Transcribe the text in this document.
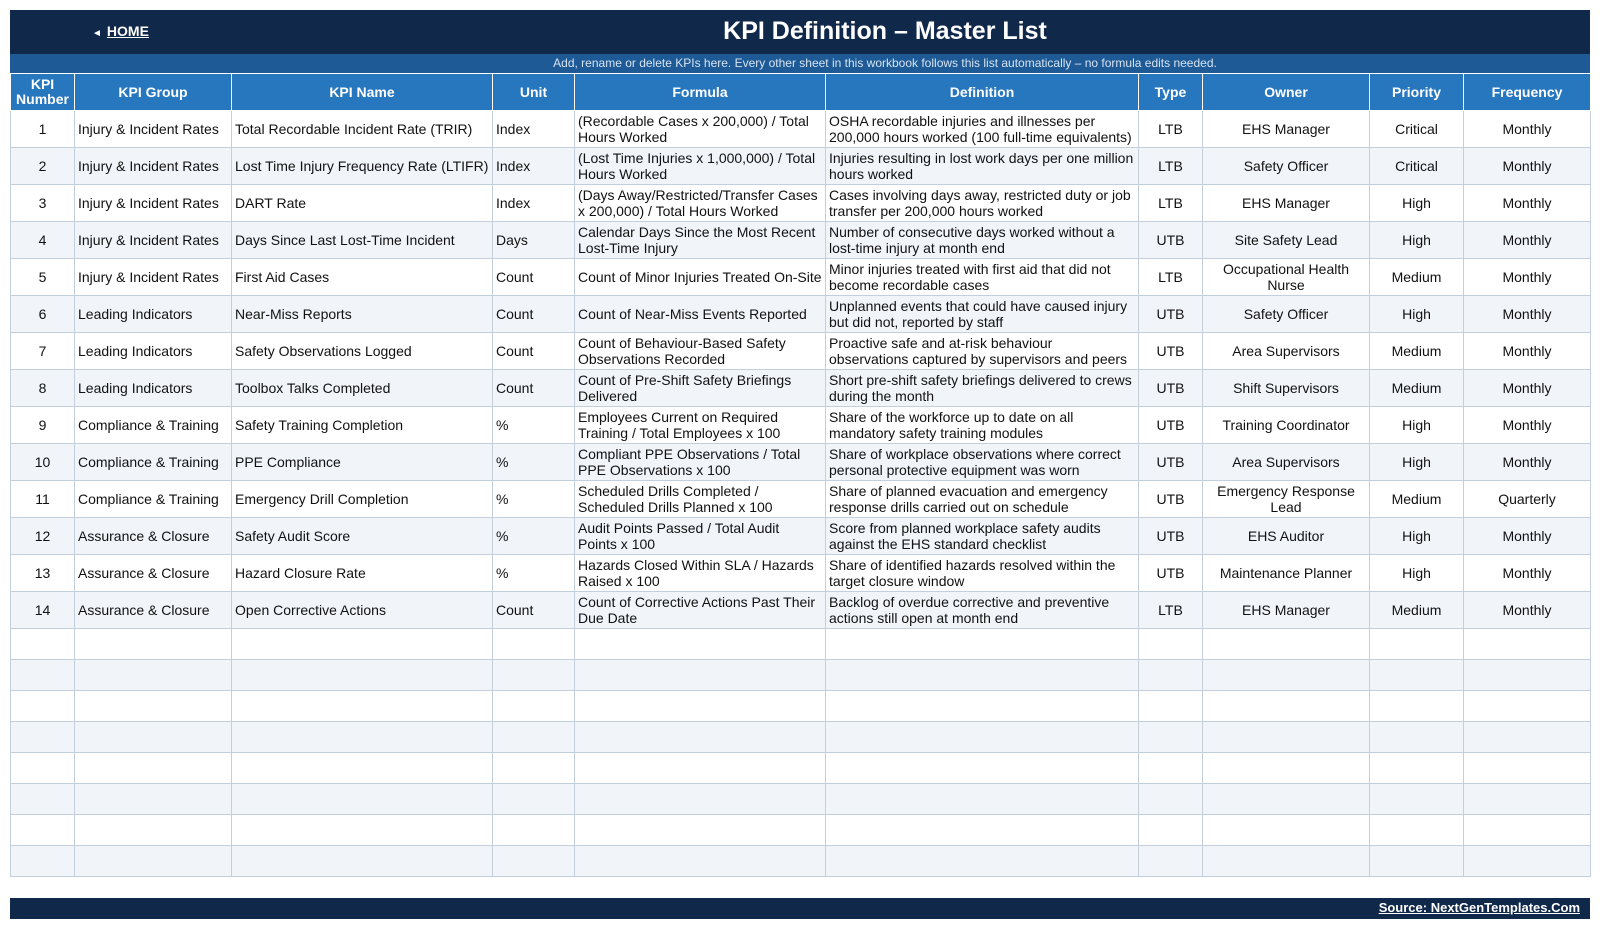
◄ HOME	KPI Definition – Master List
Add, rename or delete KPIs here. Every other sheet in this workbook follows this list automatically – no formula edits needed.
KPI Number	KPI Group	KPI Name	Unit	Formula	Definition	Type	Owner	Priority	Frequency
1	Injury & Incident Rates	Total Recordable Incident Rate (TRIR)	Index	(Recordable Cases x 200,000) / Total Hours Worked	OSHA recordable injuries and illnesses per 200,000 hours worked (100 full-time equivalents)	LTB	EHS Manager	Critical	Monthly
2	Injury & Incident Rates	Lost Time Injury Frequency Rate (LTIFR)	Index	(Lost Time Injuries x 1,000,000) / Total Hours Worked	Injuries resulting in lost work days per one million hours worked	LTB	Safety Officer	Critical	Monthly
3	Injury & Incident Rates	DART Rate	Index	(Days Away/Restricted/Transfer Cases x 200,000) / Total Hours Worked	Cases involving days away, restricted duty or job transfer per 200,000 hours worked	LTB	EHS Manager	High	Monthly
4	Injury & Incident Rates	Days Since Last Lost-Time Incident	Days	Calendar Days Since the Most Recent Lost-Time Injury	Number of consecutive days worked without a lost-time injury at month end	UTB	Site Safety Lead	High	Monthly
5	Injury & Incident Rates	First Aid Cases	Count	Count of Minor Injuries Treated On-Site	Minor injuries treated with first aid that did not become recordable cases	LTB	Occupational Health Nurse	Medium	Monthly
6	Leading Indicators	Near-Miss Reports	Count	Count of Near-Miss Events Reported	Unplanned events that could have caused injury but did not, reported by staff	UTB	Safety Officer	High	Monthly
7	Leading Indicators	Safety Observations Logged	Count	Count of Behaviour-Based Safety Observations Recorded	Proactive safe and at-risk behaviour observations captured by supervisors and peers	UTB	Area Supervisors	Medium	Monthly
8	Leading Indicators	Toolbox Talks Completed	Count	Count of Pre-Shift Safety Briefings Delivered	Short pre-shift safety briefings delivered to crews during the month	UTB	Shift Supervisors	Medium	Monthly
9	Compliance & Training	Safety Training Completion	%	Employees Current on Required Training / Total Employees x 100	Share of the workforce up to date on all mandatory safety training modules	UTB	Training Coordinator	High	Monthly
10	Compliance & Training	PPE Compliance	%	Compliant PPE Observations / Total PPE Observations x 100	Share of workplace observations where correct personal protective equipment was worn	UTB	Area Supervisors	High	Monthly
11	Compliance & Training	Emergency Drill Completion	%	Scheduled Drills Completed / Scheduled Drills Planned x 100	Share of planned evacuation and emergency response drills carried out on schedule	UTB	Emergency Response Lead	Medium	Quarterly
12	Assurance & Closure	Safety Audit Score	%	Audit Points Passed / Total Audit Points x 100	Score from planned workplace safety audits against the EHS standard checklist	UTB	EHS Auditor	High	Monthly
13	Assurance & Closure	Hazard Closure Rate	%	Hazards Closed Within SLA / Hazards Raised x 100	Share of identified hazards resolved within the target closure window	UTB	Maintenance Planner	High	Monthly
14	Assurance & Closure	Open Corrective Actions	Count	Count of Corrective Actions Past Their Due Date	Backlog of overdue corrective and preventive actions still open at month end	LTB	EHS Manager	Medium	Monthly

Source: NextGenTemplates.Com
